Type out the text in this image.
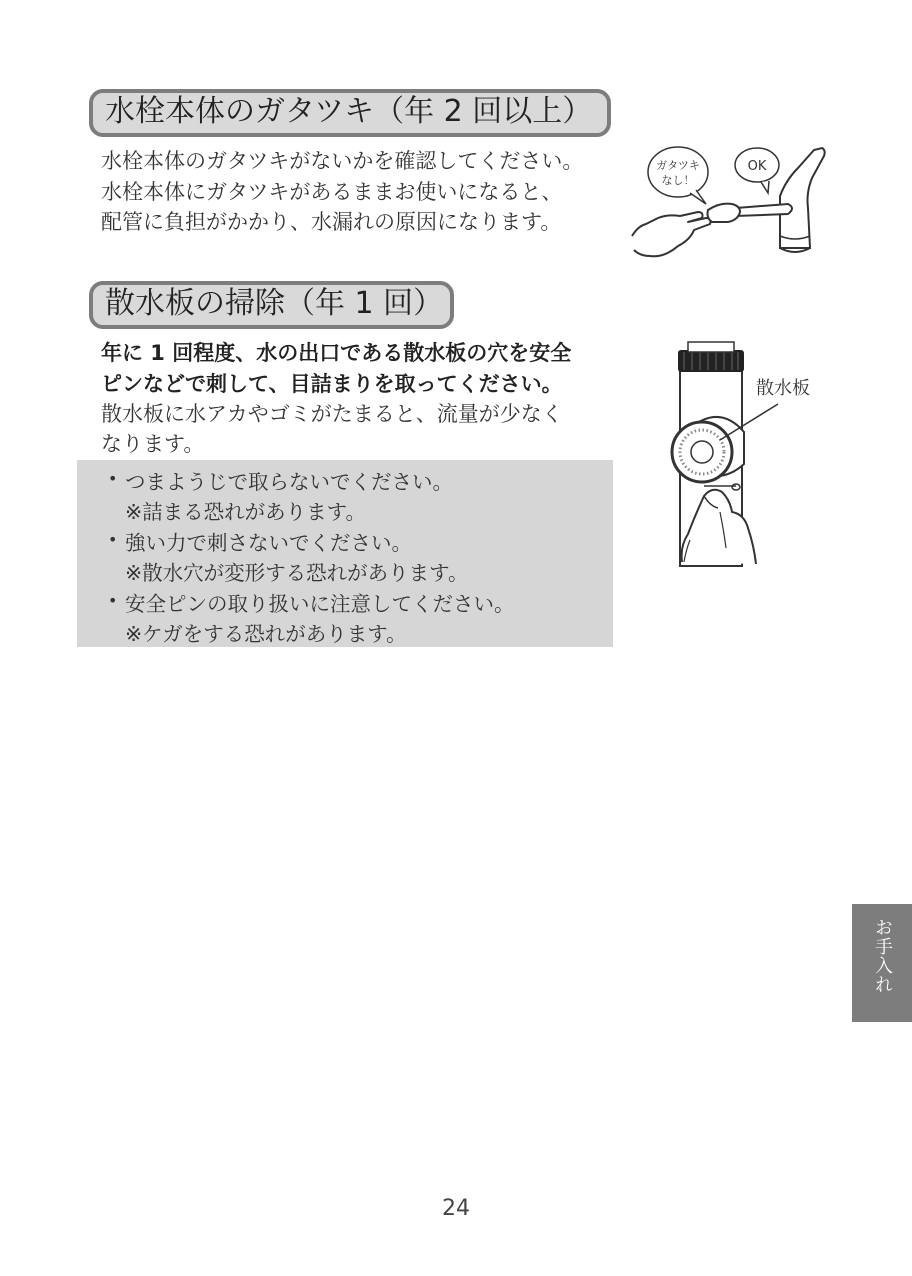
水栓本体のガタツキ（年 2 回以上）
水栓本体のガタツキがないかを確認してください。
水栓本体にガタツキがあるままお使いになると、
配管に負担がかかり、水漏れの原因になります。
ガタツキ
なし！
OK
散水板の掃除（年 1 回）
年に 1 回程度、水の出口である散水板の穴を安全
ピンなどで刺して、目詰まりを取ってください。
散水板に水アカやゴミがたまると、流量が少なく
なります。
• つまようじで取らないでください。
※詰まる恐れがあります。
• 強い力で刺さないでください。
※散水穴が変形する恐れがあります。
• 安全ピンの取り扱いに注意してください。
※ケガをする恐れがあります。
散水板
お手入れ
24
